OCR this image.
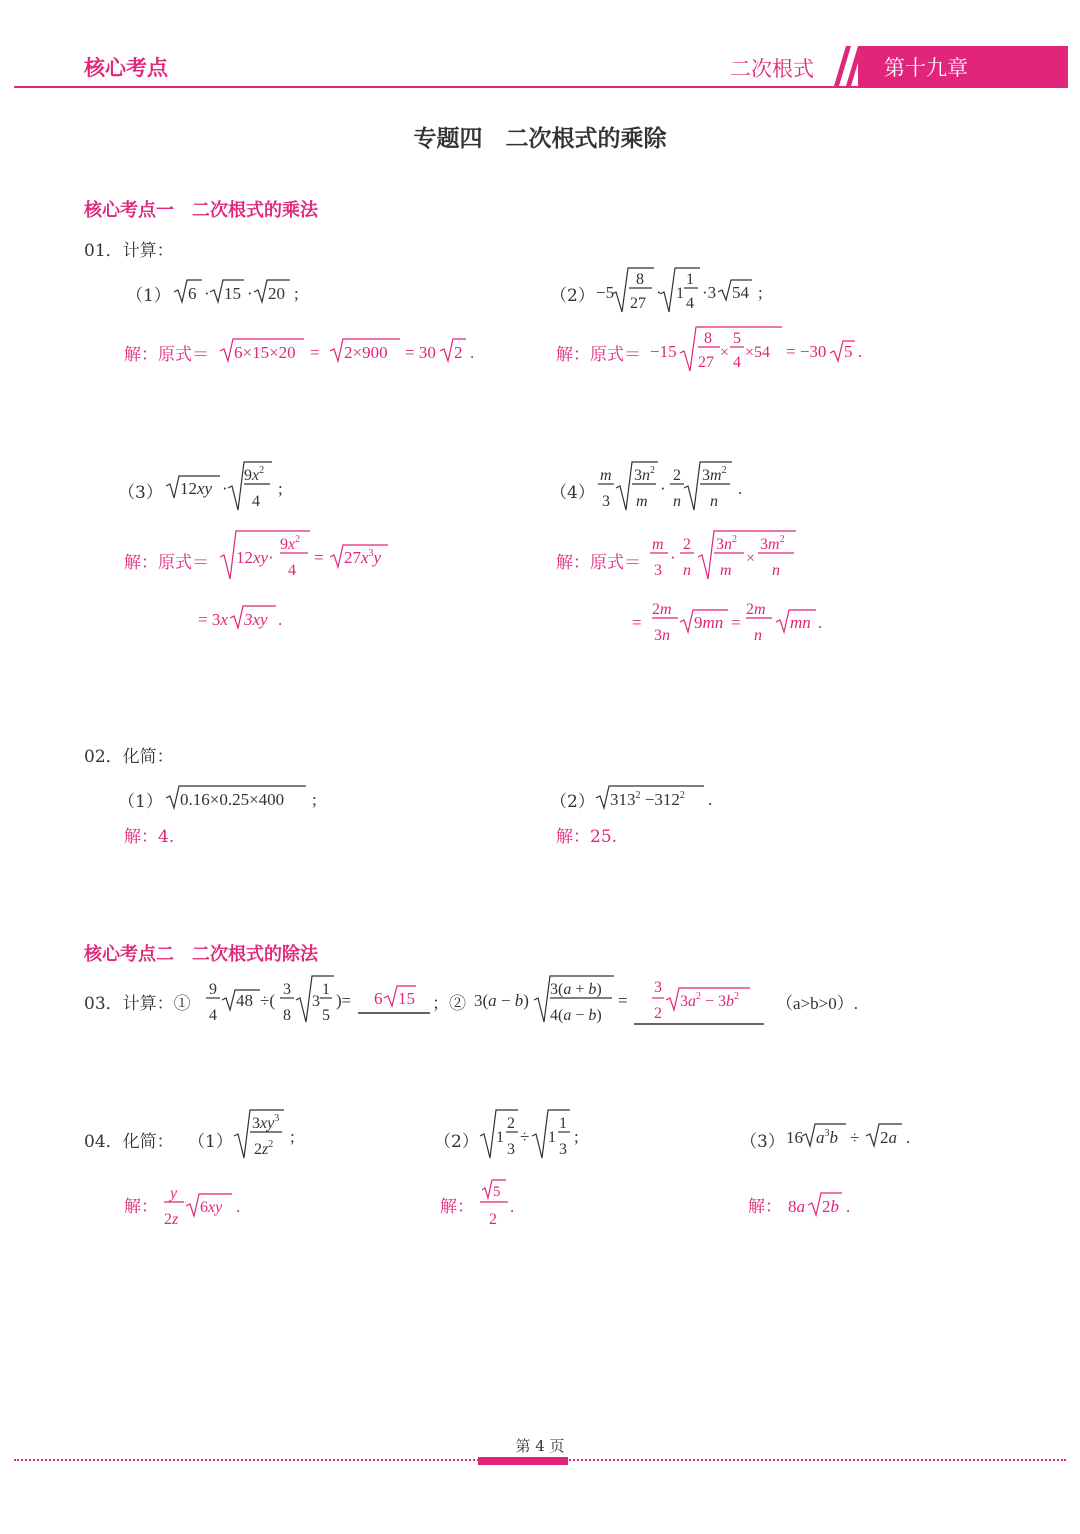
核心考点	二次根式	第十九章
专题四　二次根式的乘除
核心考点一　二次根式的乘法
01．计算：
（1） 6 · 15 · 20 ;
解：原式＝ 6×15×20 = 2×900 = 30 2 .
（2） −5
8
27
· 1
1
4
·3 54 ;
解：原式＝ −15
8
27
×
5
4
×54 = −30 5 .
（3） 12xy ·
$9x^2$
4
;
解：原式＝ 12xy·
$9x^2$
4
= $27x^3y$
= 3x 3xy .
（4）
m
3
$3n^2$
m
·
2
n
$3m^2$
n
.
解：原式＝
m
3
·
2
n
$3n^2$
m
×
$3m^2$
n
=
2m
3n
9mn =
2m
n
mn .
02．化简：
（1） 0.16×0.25×400 ;
解：4.
（2） $313^2 -312^2$ .
解：25.
核心考点二　二次根式的除法
03．计算：①
9
4
48 ÷(
3
8
3
1
5
)= 6 15 ；② 3(a − b)
3(a + b)
4(a − b)
=
3
2
$3a^2 - 3b^2$ （a>b>0）.
04．化简： （1）
$3xy^3$
$2z^2$ ;
解：
y
2z
6xy .
（2） 1
2
3
÷ 1
1
3
;
解：
5
2
.
（3） 16 $a^3b \div 2a$ .
解： 8a 2b .
第 4 页
